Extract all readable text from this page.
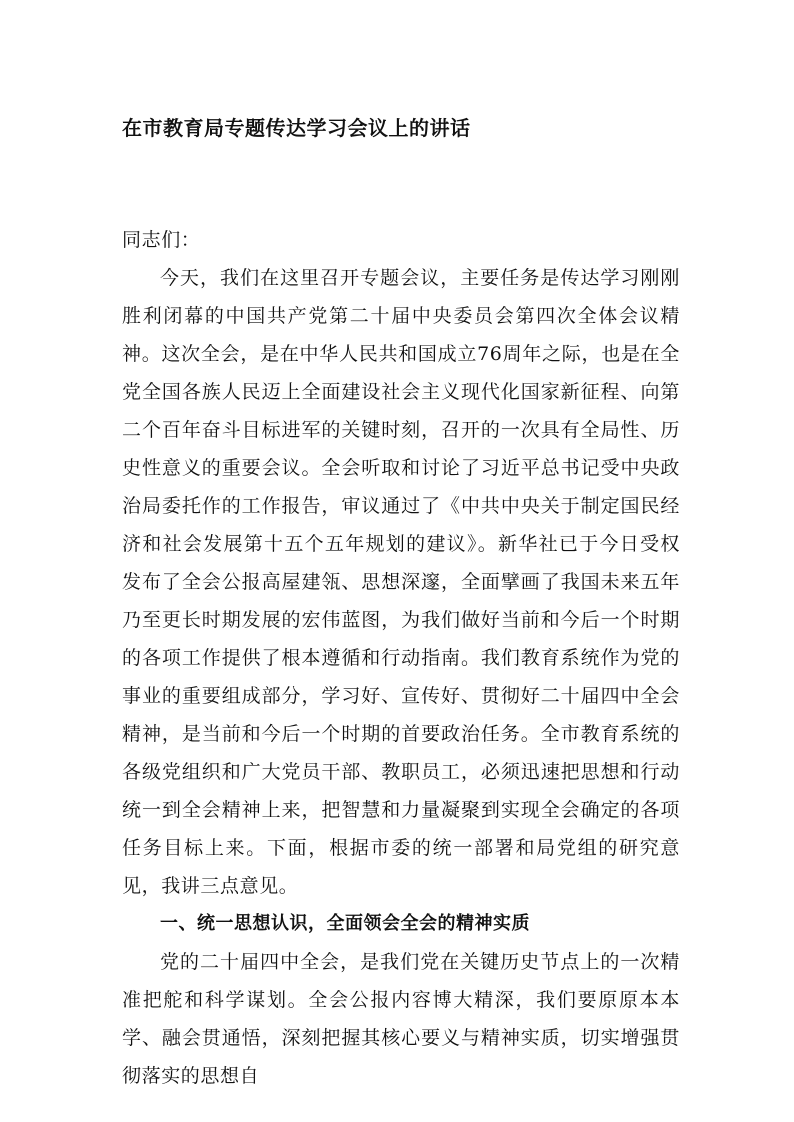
在市教育局专题传达学习会议上的讲话

同志们：

今天，我们在这里召开专题会议，主要任务是传达学习刚刚胜利闭幕的中国共产党第二十届中央委员会第四次全体会议精神。这次全会，是在中华人民共和国成立76周年之际，也是在全党全国各族人民迈上全面建设社会主义现代化国家新征程、向第二个百年奋斗目标进军的关键时刻，召开的一次具有全局性、历史性意义的重要会议。全会听取和讨论了习近平总书记受中央政治局委托作的工作报告，审议通过了《中共中央关于制定国民经济和社会发展第十五个五年规划的建议》。新华社已于今日受权发布了全会公报高屋建瓴、思想深邃，全面擘画了我国未来五年乃至更长时期发展的宏伟蓝图，为我们做好当前和今后一个时期的各项工作提供了根本遵循和行动指南。我们教育系统作为党的事业的重要组成部分，学习好、宣传好、贯彻好二十届四中全会精神，是当前和今后一个时期的首要政治任务。全市教育系统的各级党组织和广大党员干部、教职员工，必须迅速把思想和行动统一到全会精神上来，把智慧和力量凝聚到实现全会确定的各项任务目标上来。下面，根据市委的统一部署和局党组的研究意见，我讲三点意见。

一、统一思想认识，全面领会全会的精神实质

党的二十届四中全会，是我们党在关键历史节点上的一次精准把舵和科学谋划。全会公报内容博大精深，我们要原原本本学、融会贯通悟，深刻把握其核心要义与精神实质，切实增强贯彻落实的思想自
